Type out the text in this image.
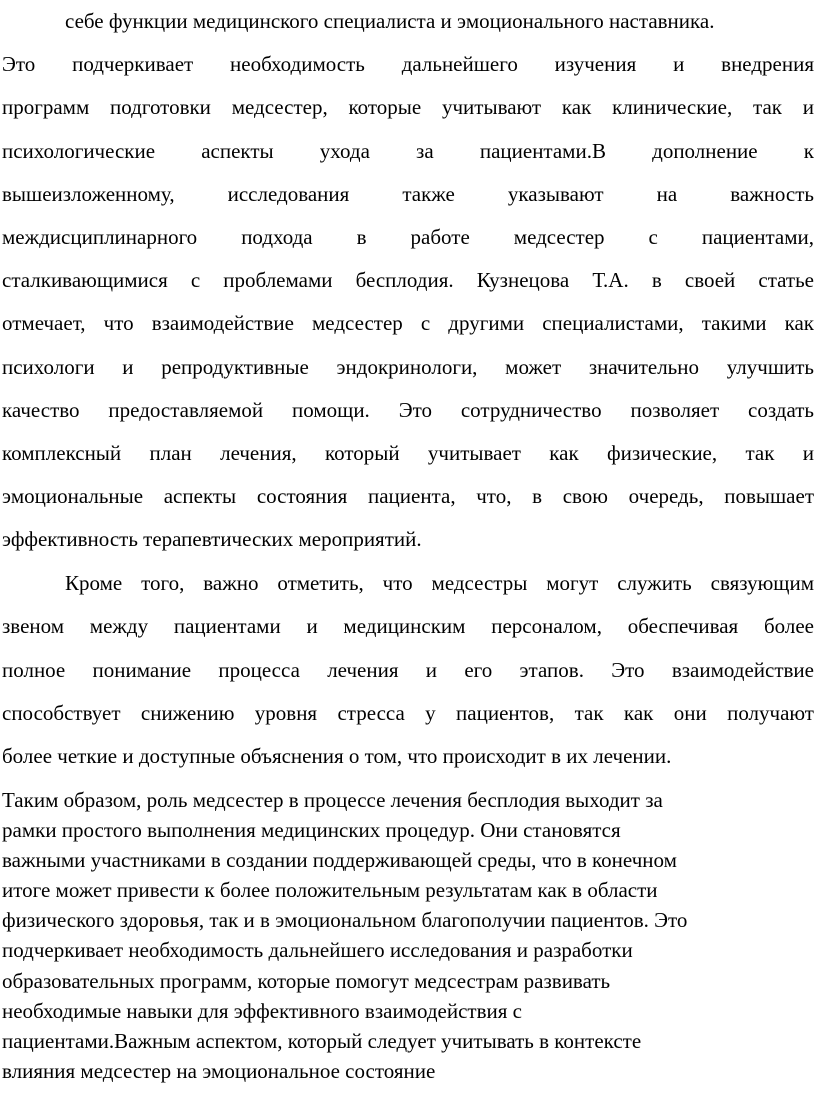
себе функции медицинского специалиста и эмоционального наставника.
Это подчеркивает необходимость дальнейшего изучения и внедрения
программ подготовки медсестер, которые учитывают как клинические, так и
психологические аспекты ухода за пациентами.В дополнение к
вышеизложенному, исследования также указывают на важность
междисциплинарного подхода в работе медсестер с пациентами,
сталкивающимися с проблемами бесплодия. Кузнецова Т.А. в своей статье
отмечает, что взаимодействие медсестер с другими специалистами, такими как
психологи и репродуктивные эндокринологи, может значительно улучшить
качество предоставляемой помощи. Это сотрудничество позволяет создать
комплексный план лечения, который учитывает как физические, так и
эмоциональные аспекты состояния пациента, что, в свою очередь, повышает
эффективность терапевтических мероприятий.
Кроме того, важно отметить, что медсестры могут служить связующим
звеном между пациентами и медицинским персоналом, обеспечивая более
полное понимание процесса лечения и его этапов. Это взаимодействие
способствует снижению уровня стресса у пациентов, так как они получают
более четкие и доступные объяснения о том, что происходит в их лечении.
Таким образом, роль медсестер в процессе лечения бесплодия выходит за
рамки простого выполнения медицинских процедур. Они становятся
важными участниками в создании поддерживающей среды, что в конечном
итоге может привести к более положительным результатам как в области
физического здоровья, так и в эмоциональном благополучии пациентов. Это
подчеркивает необходимость дальнейшего исследования и разработки
образовательных программ, которые помогут медсестрам развивать
необходимые навыки для эффективного взаимодействия с
пациентами.Важным аспектом, который следует учитывать в контексте
влияния медсестер на эмоциональное состояние
